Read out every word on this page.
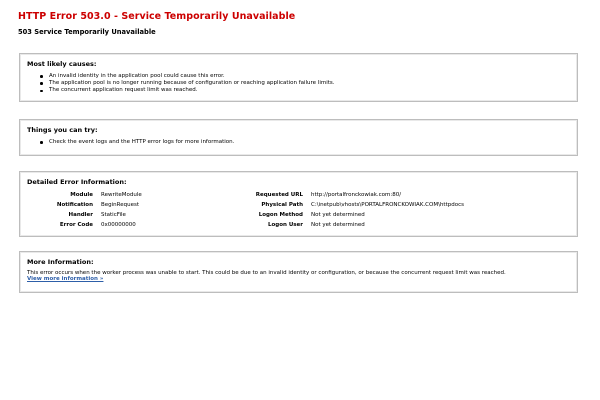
HTTP Error 503.0 - Service Temporarily Unavailable
503 Service Temporarily Unavailable
Most likely causes:
An invalid identity in the application pool could cause this error.
The application pool is no longer running because of configuration or reaching application failure limits.
The concurrent application request limit was reached.
Things you can try:
Check the event logs and the HTTP error logs for more information.
Detailed Error Information:
Module	RewriteModule
Notification	BeginRequest
Handler	StaticFile
Error Code	0x00000000
Requested URL	http://portalfronckowiak.com:80/
Physical Path	C:\inetpub\vhosts\PORTALFRONCKOWIAK.COM\httpdocs
Logon Method	Not yet determined
Logon User	Not yet determined
More Information:

This error occurs when the worker process was unable to start. This could be due to an invalid identity or configuration, or because the concurrent request limit was reached.

View more information »
